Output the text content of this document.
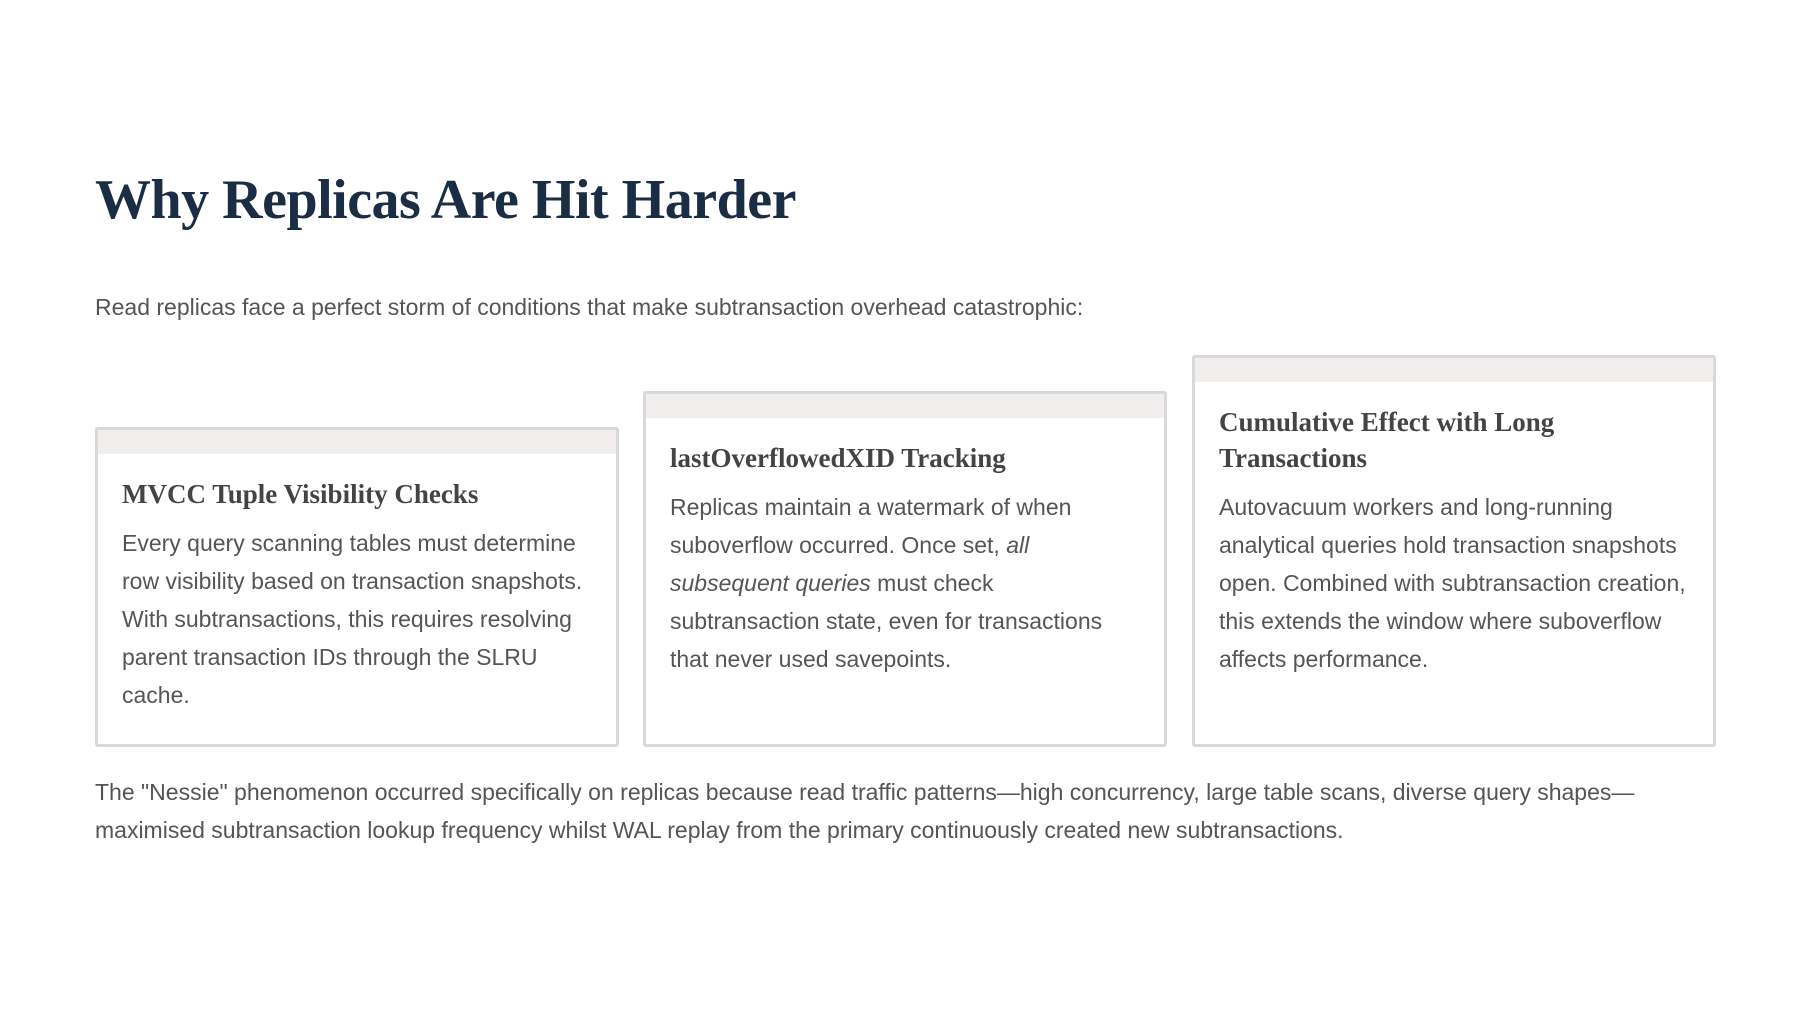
Why Replicas Are Hit Harder

Read replicas face a perfect storm of conditions that make subtransaction overhead catastrophic:

MVCC Tuple Visibility Checks

Every query scanning tables must determine row visibility based on transaction snapshots. With subtransactions, this requires resolving parent transaction IDs through the SLRU cache.

lastOverflowedXID Tracking

Replicas maintain a watermark of when suboverflow occurred. Once set, all subsequent queries must check subtransaction state, even for transactions that never used savepoints.

Cumulative Effect with Long Transactions

Autovacuum workers and long-running analytical queries hold transaction snapshots open. Combined with subtransaction creation, this extends the window where suboverflow affects performance.

The "Nessie" phenomenon occurred specifically on replicas because read traffic patterns—high concurrency, large table scans, diverse query shapes—maximised subtransaction lookup frequency whilst WAL replay from the primary continuously created new subtransactions.
